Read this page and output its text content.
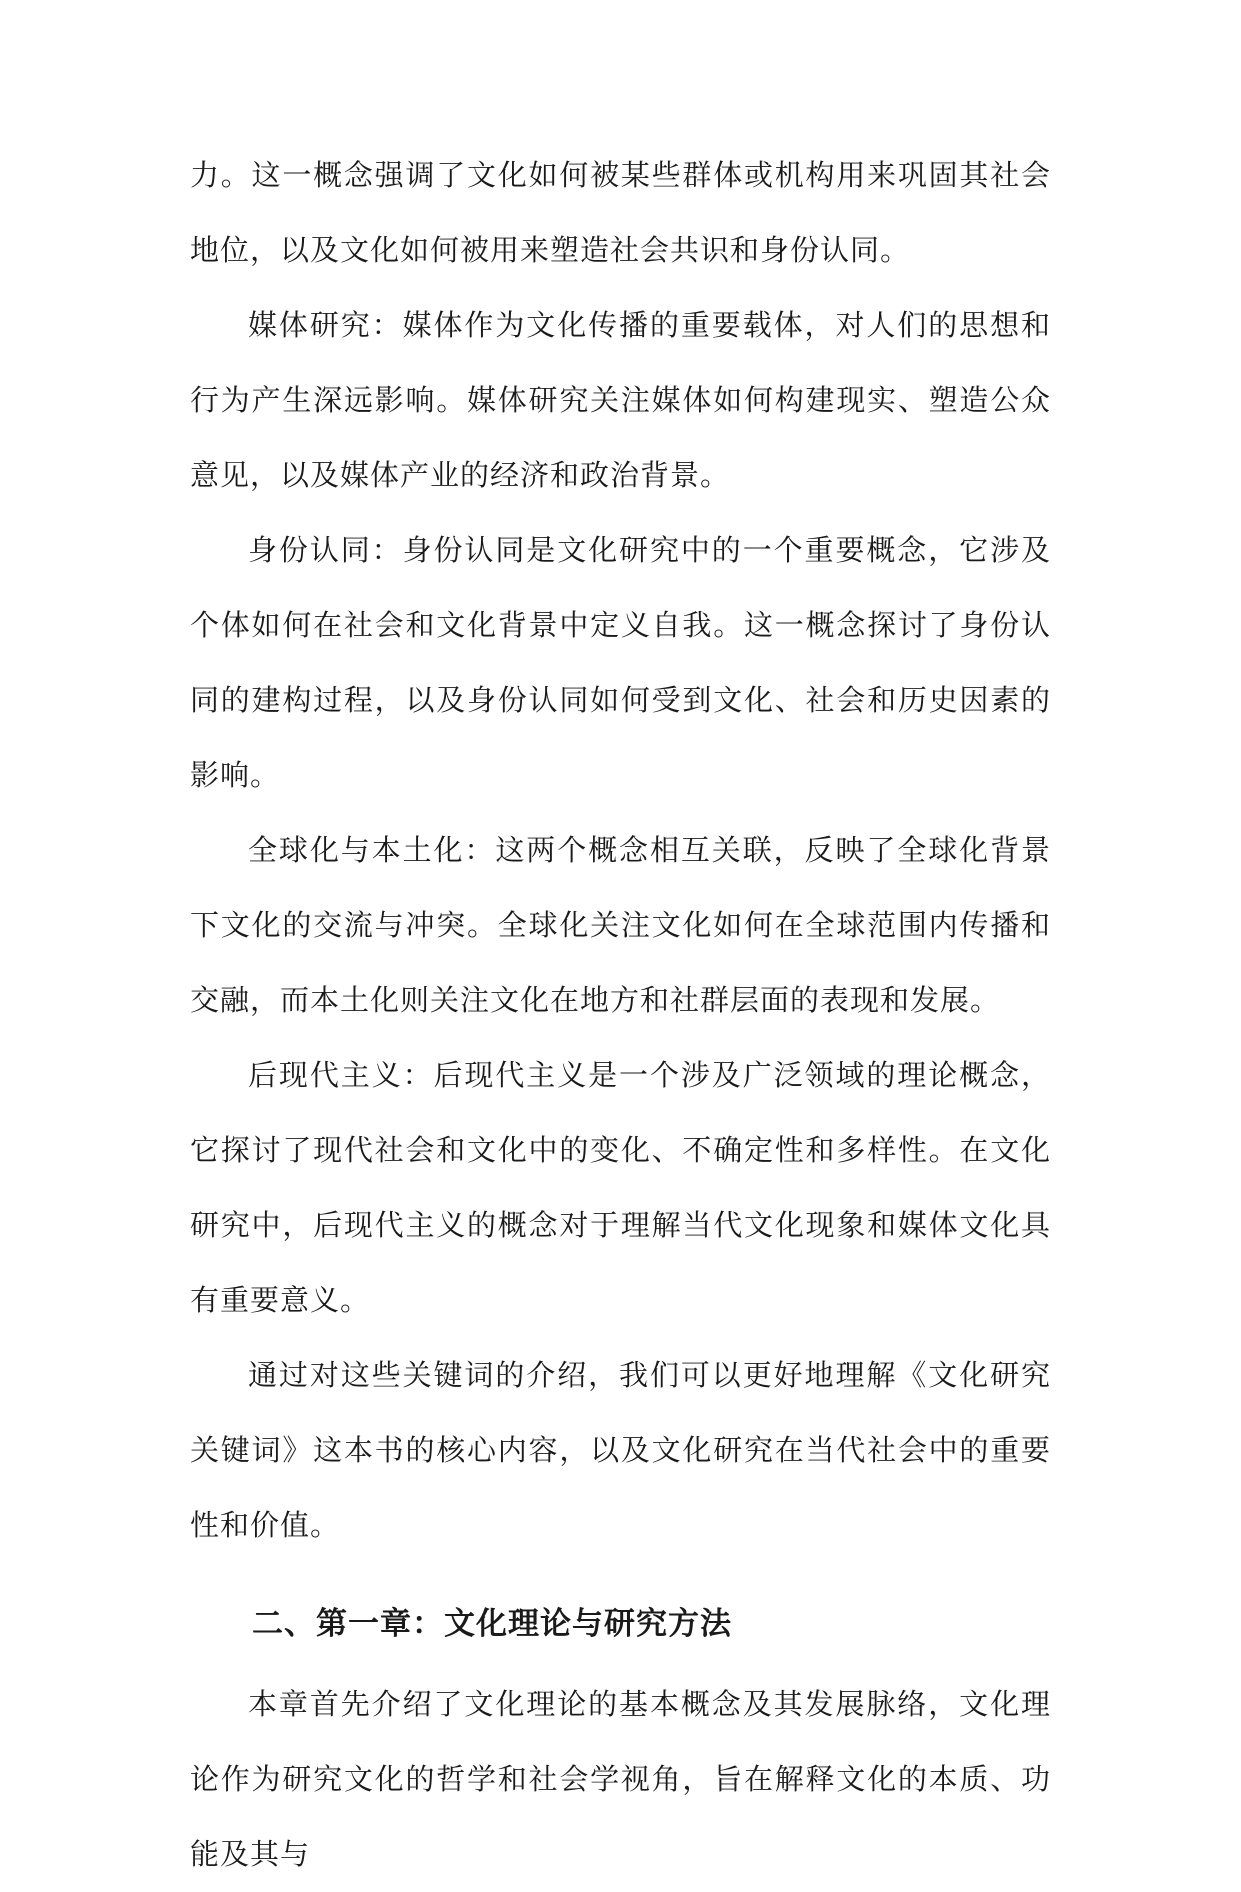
力。这一概念强调了文化如何被某些群体或机构用来巩固其社会地位，以及文化如何被用来塑造社会共识和身份认同。

媒体研究：媒体作为文化传播的重要载体，对人们的思想和行为产生深远影响。媒体研究关注媒体如何构建现实、塑造公众意见，以及媒体产业的经济和政治背景。

身份认同：身份认同是文化研究中的一个重要概念，它涉及个体如何在社会和文化背景中定义自我。这一概念探讨了身份认同的建构过程，以及身份认同如何受到文化、社会和历史因素的影响。

全球化与本土化：这两个概念相互关联，反映了全球化背景下文化的交流与冲突。全球化关注文化如何在全球范围内传播和交融，而本土化则关注文化在地方和社群层面的表现和发展。

后现代主义：后现代主义是一个涉及广泛领域的理论概念，它探讨了现代社会和文化中的变化、不确定性和多样性。在文化研究中，后现代主义的概念对于理解当代文化现象和媒体文化具有重要意义。

通过对这些关键词的介绍，我们可以更好地理解《文化研究关键词》这本书的核心内容，以及文化研究在当代社会中的重要性和价值。

二、第一章：文化理论与研究方法

本章首先介绍了文化理论的基本概念及其发展脉络，文化理论作为研究文化的哲学和社会学视角，旨在解释文化的本质、功能及其与
